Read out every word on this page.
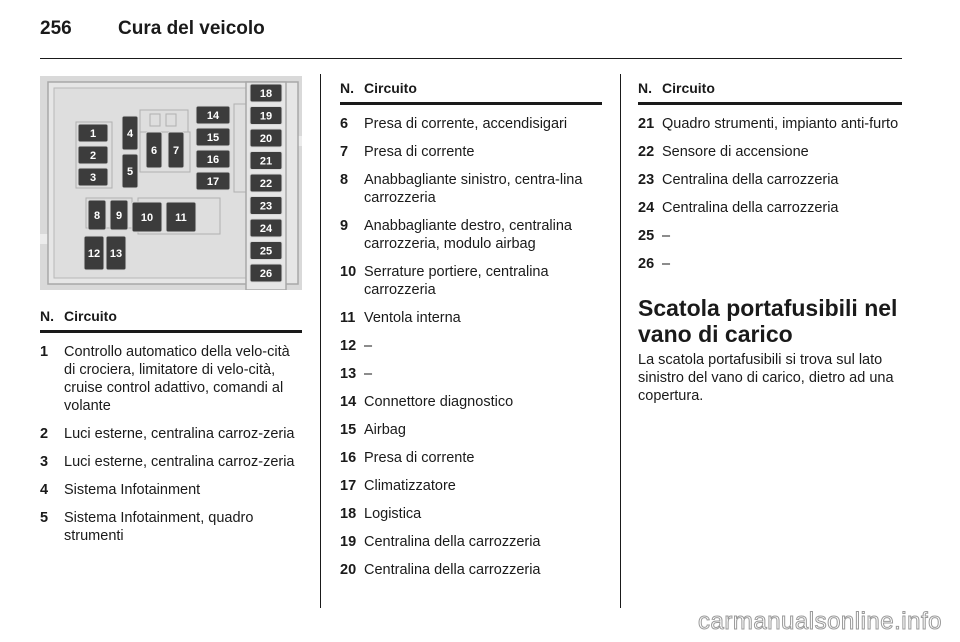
256 Cura del veicolo
1
2
3
4
5
6 7
8 9 10 11
12 13
14
15
16
17
18
19
20
21
22
23
24
25
26
N. Circuito
1	Controllo automatico della velo-cità di crociera, limitatore di velo-cità, cruise control adattivo, comandi al volante
2	Luci esterne, centralina carroz-zeria
3	Luci esterne, centralina carroz-zeria
4	Sistema Infotainment
5	Sistema Infotainment, quadro strumenti
N. Circuito
6	Presa di corrente, accendisigari
7	Presa di corrente
8	Anabbagliante sinistro, centra-lina carrozzeria
9	Anabbagliante destro, centralina carrozzeria, modulo airbag
10 Serrature portiere, centralina carrozzeria
11 Ventola interna
12 –
13 –
14 Connettore diagnostico
15 Airbag
16 Presa di corrente
17 Climatizzatore
18 Logistica
19 Centralina della carrozzeria
20 Centralina della carrozzeria
N. Circuito
21 Quadro strumenti, impianto anti-furto
22 Sensore di accensione
23 Centralina della carrozzeria
24 Centralina della carrozzeria
25 –
26 –
Scatola portafusibili nel vano di carico
La scatola portafusibili si trova sul lato sinistro del vano di carico, dietro ad una copertura.
carmanualsonline.info
